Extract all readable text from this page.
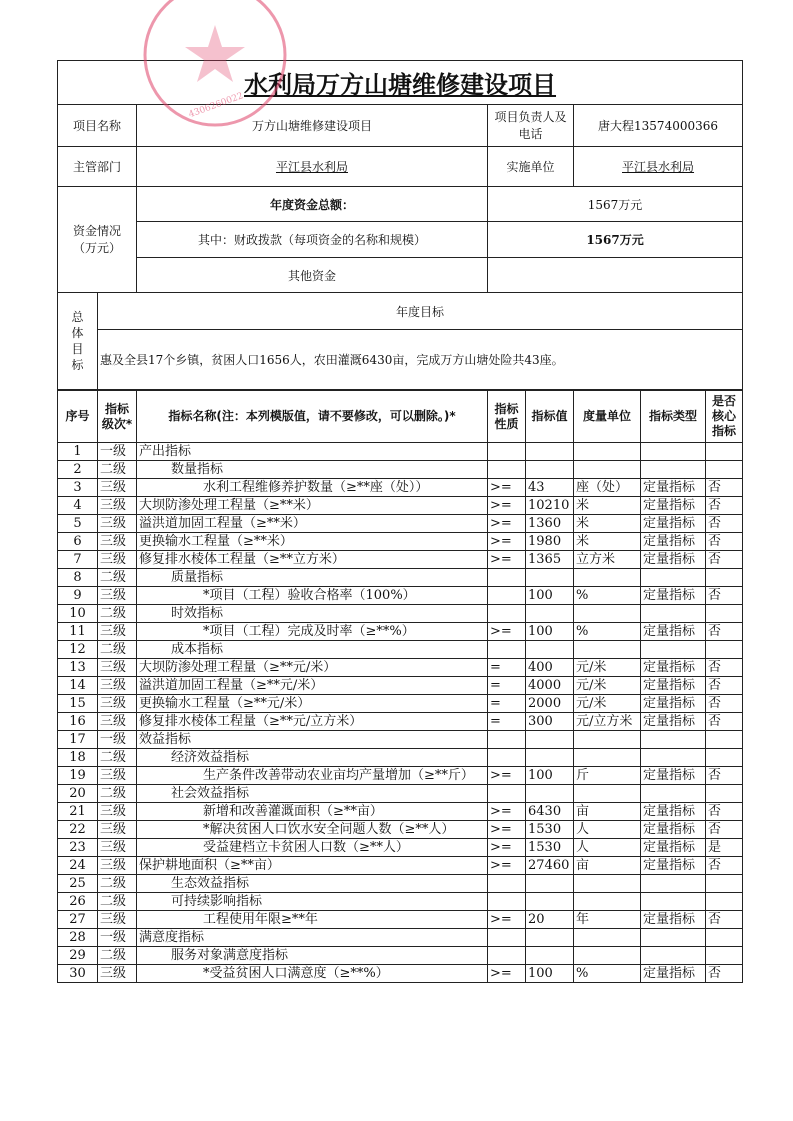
水利局万方山塘维修建设项目				
项目名称		万方山塘维修建设项目	项目负责人及电话	唐大程13574000366
主管部门		平江县水利局	实施单位	平江县水利局
资金情况（万元）		年度资金总额：	1567万元	
		其中：财政拨款（每项资金的名称和规模）	1567万元	
		其他资金		
总体目标	年度目标			
	惠及全县17个乡镇，贫困人口1656人，农田灌溉6430亩，完成万方山塘处险共43座。			
序号	指标级次*	指标名称(注：本列模版值，请不要修改，可以删除。)*	指标性质	指标值	度量单位	指标类型	是否核心指标
1	一级	产出指标					
2	二级	数量指标					
3	三级	水利工程维修养护数量（≥**座（处））	>=	43	座（处）	定量指标	否
4	三级	大坝防渗处理工程量（≥**米）	>=	10210	米	定量指标	否
5	三级	溢洪道加固工程量（≥**米）	>=	1360	米	定量指标	否
6	三级	更换输水工程量（≥**米）	>=	1980	米	定量指标	否
7	三级	修复排水棱体工程量（≥**立方米）	>=	1365	立方米	定量指标	否
8	二级	质量指标					
9	三级	*项目（工程）验收合格率（100%）		100	%	定量指标	否
10	二级	时效指标					
11	三级	*项目（工程）完成及时率（≥**%）	>=	100	%	定量指标	否
12	二级	成本指标					
13	三级	大坝防渗处理工程量（≥**元/米）	=	400	元/米	定量指标	否
14	三级	溢洪道加固工程量（≥**元/米）	=	4000	元/米	定量指标	否
15	三级	更换输水工程量（≥**元/米）	=	2000	元/米	定量指标	否
16	三级	修复排水棱体工程量（≥**元/立方米）	=	300	元/立方米	定量指标	否
17	一级	效益指标					
18	二级	经济效益指标					
19	三级	生产条件改善带动农业亩均产量增加（≥**斤）	>=	100	斤	定量指标	否
20	二级	社会效益指标					
21	三级	新增和改善灌溉面积（≥**亩）	>=	6430	亩	定量指标	否
22	三级	*解决贫困人口饮水安全问题人数（≥**人）	>=	1530	人	定量指标	否
23	三级	受益建档立卡贫困人口数（≥**人）	>=	1530	人	定量指标	是
24	三级	保护耕地面积（≥**亩）	>=	27460	亩	定量指标	否
25	二级	生态效益指标					
26	二级	可持续影响指标					
27	三级	工程使用年限≥**年	>=	20	年	定量指标	否
28	一级	满意度指标					
29	二级	服务对象满意度指标					
30	三级	*受益贫困人口满意度（≥**%）	>=	100	%	定量指标	否
4306260022
